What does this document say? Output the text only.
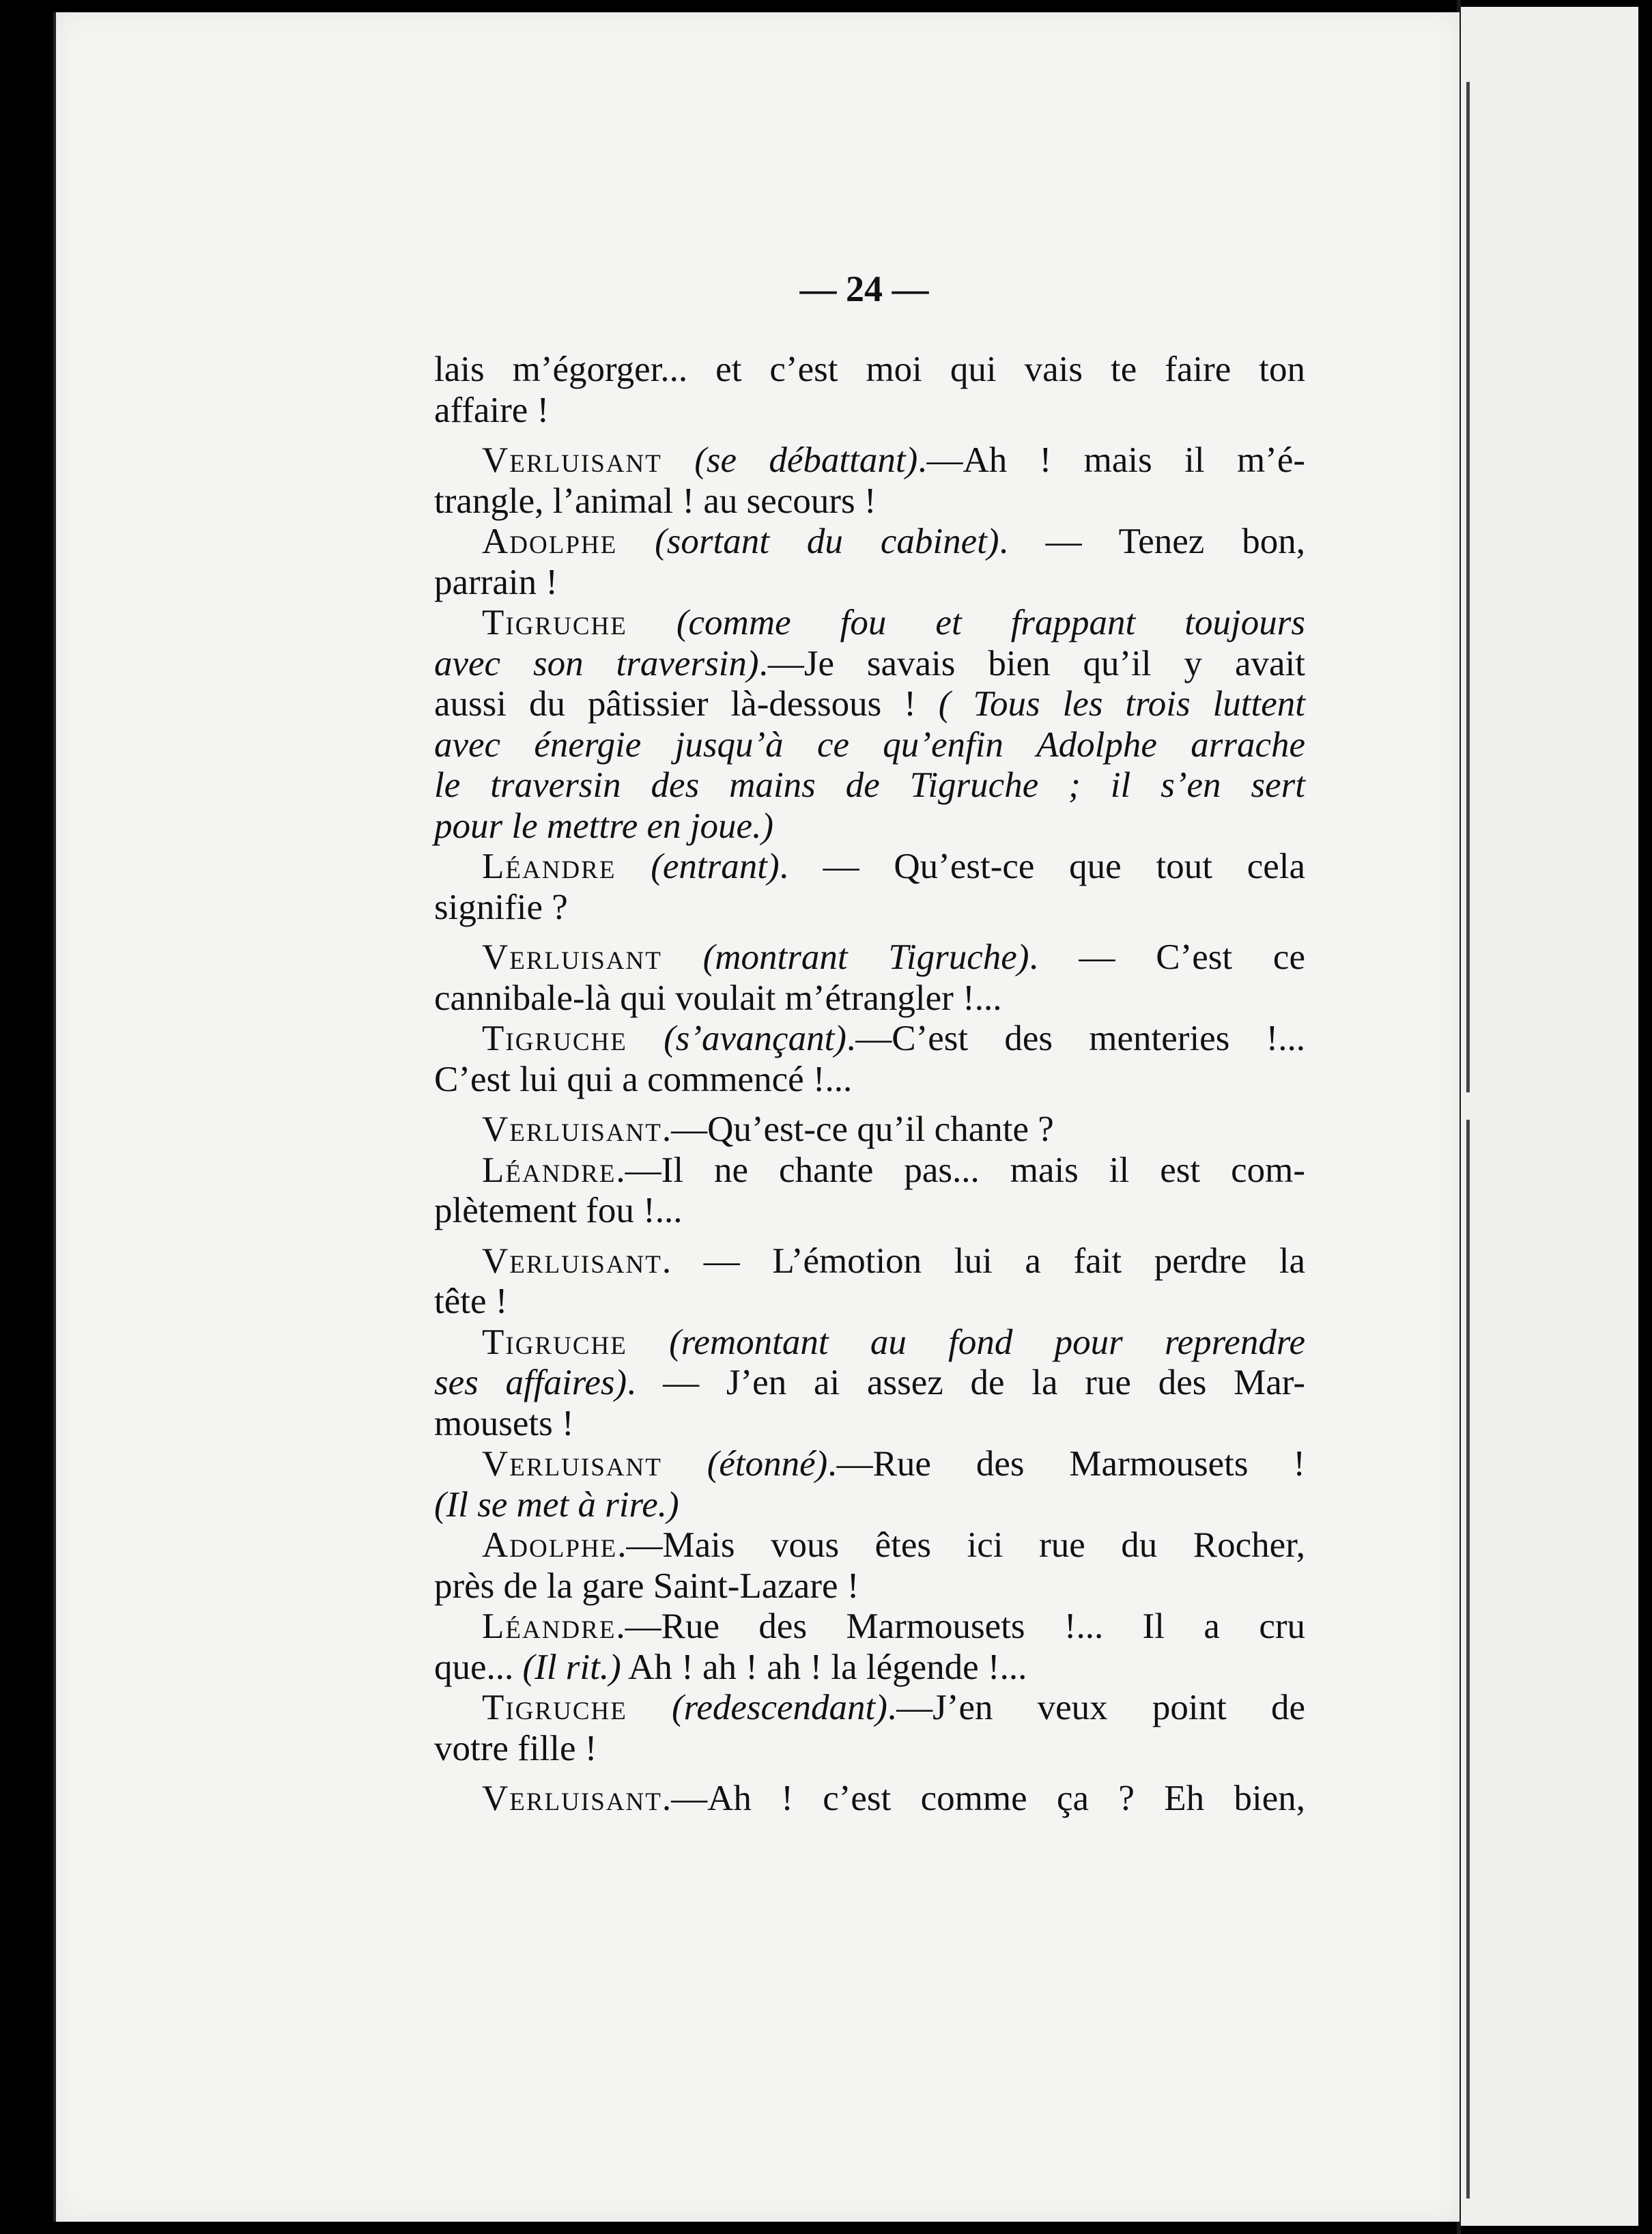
— 24 —
lais m’égorger... et c’est moi qui vais te faire ton
affaire !
Verluisant (se débattant).—Ah ! mais il m’é-
trangle, l’animal ! au secours !
Adolphe (sortant du cabinet). — Tenez bon,
parrain !
Tigruche (comme fou et frappant toujours
avec son traversin).—Je savais bien qu’il y avait
aussi du pâtissier là-dessous ! ( Tous les trois luttent
avec énergie jusqu’à ce qu’enfin Adolphe arrache
le traversin des mains de Tigruche ; il s’en sert
pour le mettre en joue.)
Léandre (entrant). — Qu’est-ce que tout cela
signifie ?
Verluisant (montrant Tigruche). — C’est ce
cannibale-là qui voulait m’étrangler !...
Tigruche (s’avançant).—C’est des menteries !...
C’est lui qui a commencé !...
Verluisant.—Qu’est-ce qu’il chante ?
Léandre.—Il ne chante pas... mais il est com-
plètement fou !...
Verluisant. — L’émotion lui a fait perdre la
tête !
Tigruche (remontant au fond pour reprendre
ses affaires). — J’en ai assez de la rue des Mar-
mousets !
Verluisant (étonné).—Rue des Marmousets !
(Il se met à rire.)
Adolphe.—Mais vous êtes ici rue du Rocher,
près de la gare Saint-Lazare !
Léandre.—Rue des Marmousets !... Il a cru
que... (Il rit.) Ah ! ah ! ah ! la légende !...
Tigruche (redescendant).—J’en veux point de
votre fille !
Verluisant.—Ah ! c’est comme ça ? Eh bien,
